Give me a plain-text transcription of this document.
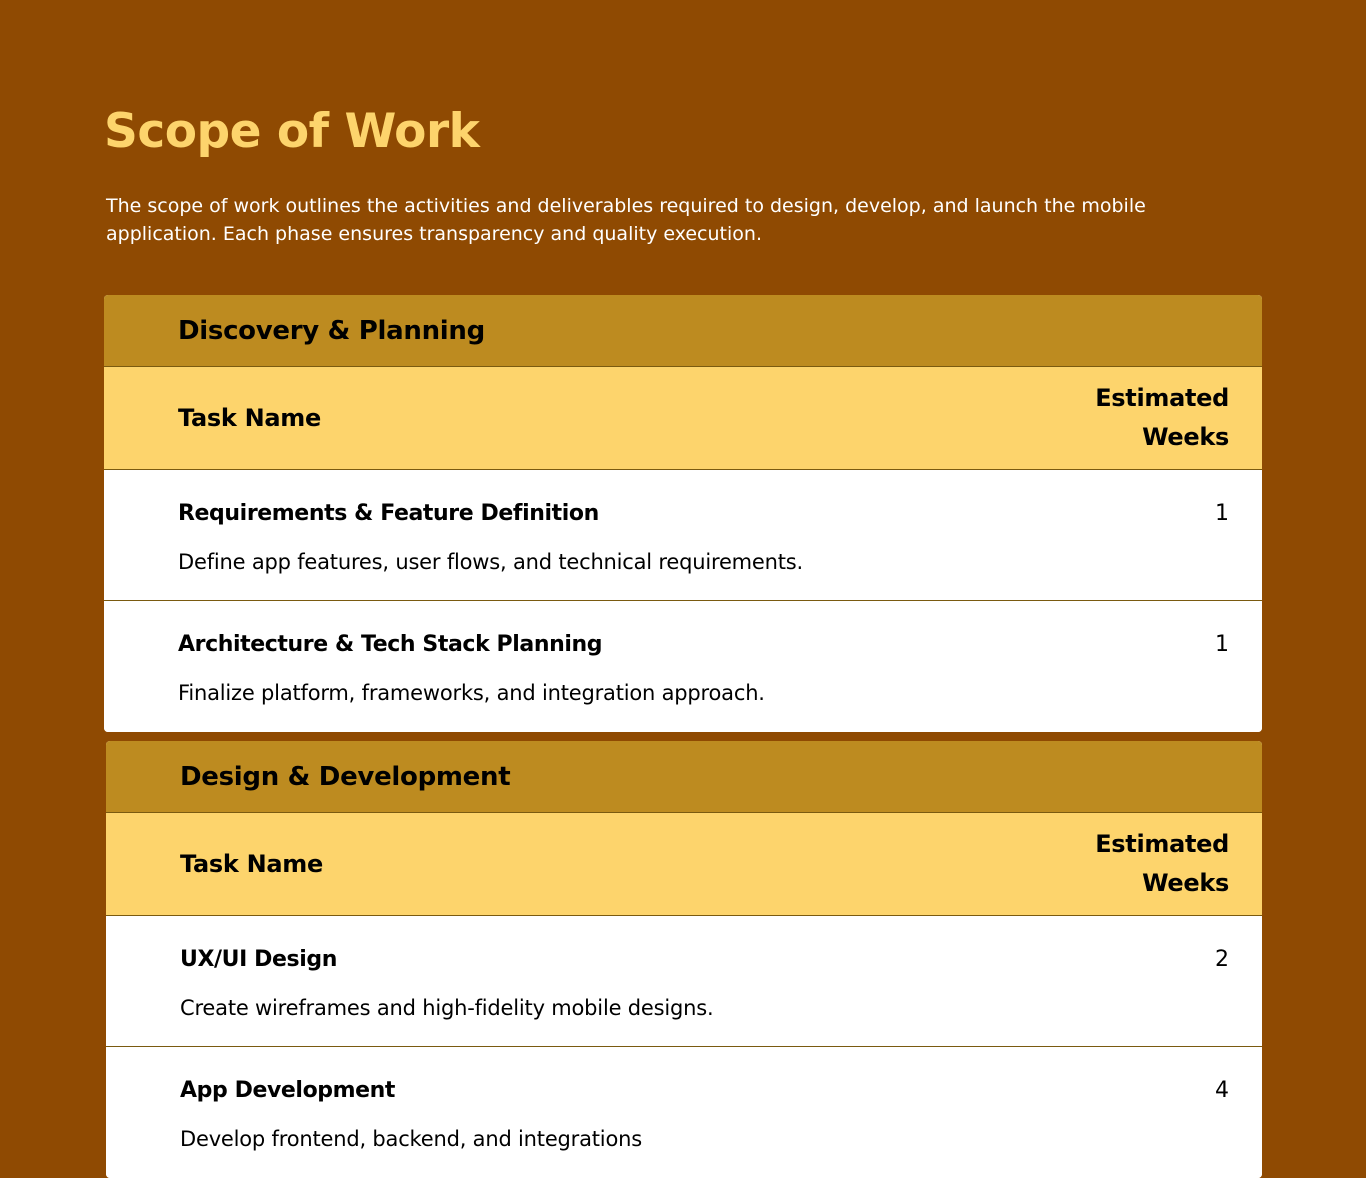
Scope of Work

The scope of work outlines the activities and deliverables required to design, develop, and launch the mobile application. Each phase ensures transparency and quality execution.

Discovery & Planning
Task Name
Estimated
Weeks
Requirements & Feature Definition
Define app features, user flows, and technical requirements.
1
Architecture & Tech Stack Planning
Finalize platform, frameworks, and integration approach.
1
Design & Development
Task Name
Estimated
Weeks
UX/UI Design
Create wireframes and high-fidelity mobile designs.
2
App Development
Develop frontend, backend, and integrations
4
